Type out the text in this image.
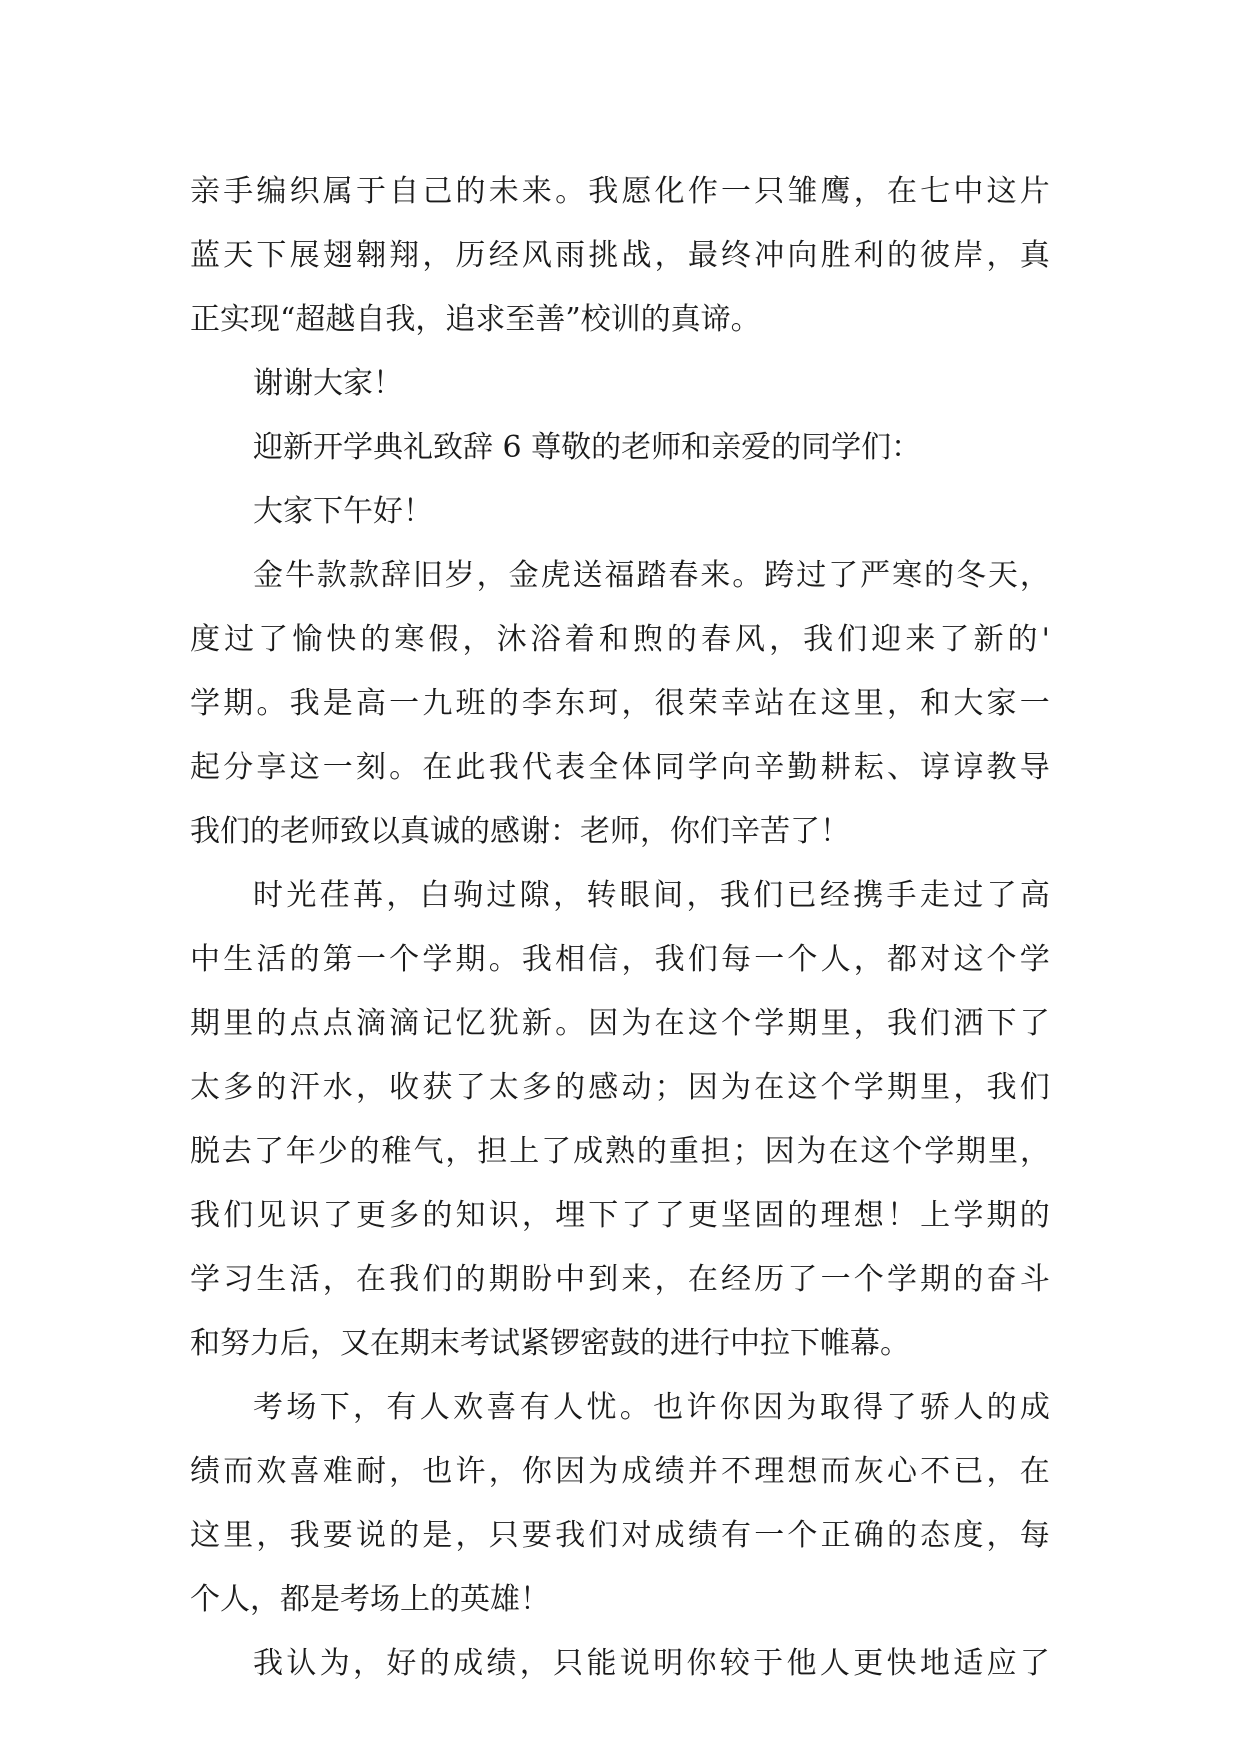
亲 手 编 织 属 于 自 己 的 未 来 。 我 愿 化 作 一 只 雏 鹰 ， 在 七 中 这 片
蓝 天 下 展 翅 翱 翔 ， 历 经 风 雨 挑 战 ， 最 终 冲 向 胜 利 的 彼 岸 ， 真
正实现“超越自我，追求至善”校训的真谛。
谢谢大家！
迎新开学典礼致辞 6 尊敬的老师和亲爱的同学们：
大家下午好！
金 牛 款 款 辞 旧 岁 ， 金 虎 送 福 踏 春 来 。 跨 过 了 严 寒 的 冬 天 ，
度 过 了 愉 快 的 寒 假 ， 沐 浴 着 和 煦 的 春 风 ， 我 们 迎 来 了 新 的 '
学 期 。 我 是 高 一 九 班 的 李 东 珂 ， 很 荣 幸 站 在 这 里 ， 和 大 家 一
起 分 享 这 一 刻 。 在 此 我 代 表 全 体 同 学 向 辛 勤 耕 耘 、 谆 谆 教 导
我们的老师致以真诚的感谢：老师，你们辛苦了！
时 光 荏 苒 ， 白 驹 过 隙 ， 转 眼 间 ， 我 们 已 经 携 手 走 过 了 高
中 生 活 的 第 一 个 学 期 。 我 相 信 ， 我 们 每 一 个 人 ， 都 对 这 个 学
期 里 的 点 点 滴 滴 记 忆 犹 新 。 因 为 在 这 个 学 期 里 ， 我 们 洒 下 了
太 多 的 汗 水 ， 收 获 了 太 多 的 感 动 ； 因 为 在 这 个 学 期 里 ， 我 们
脱 去 了 年 少 的 稚 气 ， 担 上 了 成 熟 的 重 担 ； 因 为 在 这 个 学 期 里 ，
我 们 见 识 了 更 多 的 知 识 ， 埋 下 了 了 更 坚 固 的 理 想 ！ 上 学 期 的
学 习 生 活 ， 在 我 们 的 期 盼 中 到 来 ， 在 经 历 了 一 个 学 期 的 奋 斗
和努力后，又在期末考试紧锣密鼓的进行中拉下帷幕。
考 场 下 ， 有 人 欢 喜 有 人 忧 。 也 许 你 因 为 取 得 了 骄 人 的 成
绩 而 欢 喜 难 耐 ， 也 许 ， 你 因 为 成 绩 并 不 理 想 而 灰 心 不 已 ， 在
这 里 ， 我 要 说 的 是 ， 只 要 我 们 对 成 绩 有 一 个 正 确 的 态 度 ， 每
个人，都是考场上的英雄！
我 认 为 ， 好 的 成 绩 ， 只 能 说 明 你 较 于 他 人 更 快 地 适 应 了
